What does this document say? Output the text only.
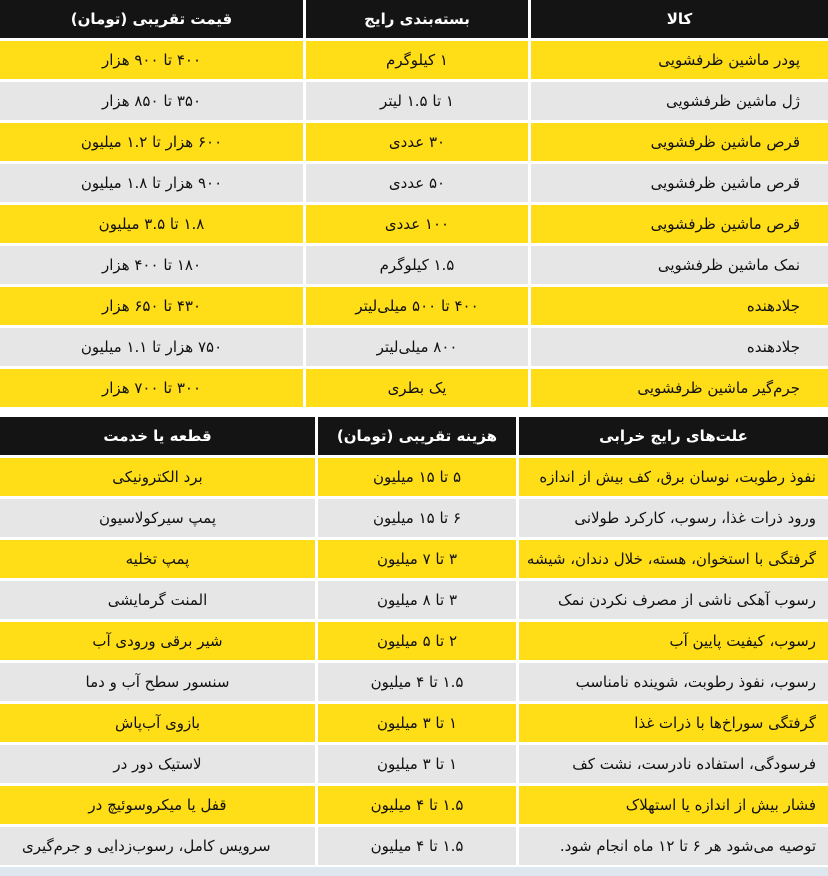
کالا	بسته‌بندی رایج	قیمت تقریبی (تومان)
پودر ماشین ظرفشویی	۱ کیلوگرم	۴۰۰ تا ۹۰۰ هزار
ژل ماشین ظرفشویی	۱ تا ۱.۵ لیتر	۳۵۰ تا ۸۵۰ هزار
قرص ماشین ظرفشویی	۳۰ عددی	۶۰۰ هزار تا ۱.۲ میلیون
قرص ماشین ظرفشویی	۵۰ عددی	۹۰۰ هزار تا ۱.۸ میلیون
قرص ماشین ظرفشویی	۱۰۰ عددی	۱.۸ تا ۳.۵ میلیون
نمک ماشین ظرفشویی	۱.۵ کیلوگرم	۱۸۰ تا ۴۰۰ هزار
جلادهنده	۴۰۰ تا ۵۰۰ میلی‌لیتر	۴۳۰ تا ۶۵۰ هزار
جلادهنده	۸۰۰ میلی‌لیتر	۷۵۰ هزار تا ۱.۱ میلیون
جرم‌گیر ماشین ظرفشویی	یک بطری	۳۰۰ تا ۷۰۰ هزار
علت‌های رایج خرابی	هزینه تقریبی (تومان)	قطعه یا خدمت
نفوذ رطوبت، نوسان برق، کف بیش از اندازه	۵ تا ۱۵ میلیون	برد الکترونیکی
ورود ذرات غذا، رسوب، کارکرد طولانی	۶ تا ۱۵ میلیون	پمپ سیرکولاسیون
گرفتگی با استخوان، هسته، خلال دندان، شیشه	۳ تا ۷ میلیون	پمپ تخلیه
رسوب آهکی ناشی از مصرف نکردن نمک	۳ تا ۸ میلیون	المنت گرمایشی
رسوب، کیفیت پایین آب	۲ تا ۵ میلیون	شیر برقی ورودی آب
رسوب، نفوذ رطوبت، شوینده نامناسب	۱.۵ تا ۴ میلیون	سنسور سطح آب و دما
گرفتگی سوراخ‌ها با ذرات غذا	۱ تا ۳ میلیون	بازوی آب‌پاش
فرسودگی، استفاده نادرست، نشت کف	۱ تا ۳ میلیون	لاستیک دور در
فشار بیش از اندازه یا استهلاک	۱.۵ تا ۴ میلیون	قفل یا میکروسوئیچ در
توصیه می‌شود هر ۶ تا ۱۲ ماه انجام شود.	۱.۵ تا ۴ میلیون	سرویس کامل، رسوب‌زدایی و جرم‌گیری
